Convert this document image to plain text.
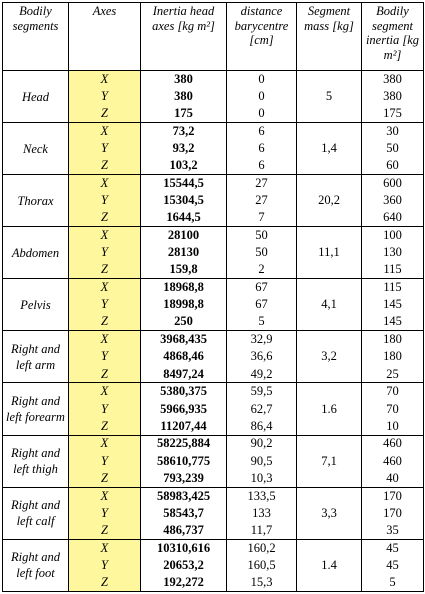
Bodily segments	Axes	Inertia head axes [kg m²]	distance barycentre [cm]	Segment mass [kg]	Bodily segment inertia [kg m²]
Head	X	380	0	5	380
	Y	380	0		380
	Z	175	0		175
Neck	X	73,2	6	1,4	30
	Y	93,2	6		50
	Z	103,2	6		60
Thorax	X	15544,5	27	20,2	600
	Y	15304,5	27		360
	Z	1644,5	7		640
Abdomen	X	28100	50	11,1	100
	Y	28130	50		130
	Z	159,8	2		115
Pelvis	X	18968,8	67	4,1	115
	Y	18998,8	67		145
	Z	250	5		145
Right and left arm	X	3968,435	32,9	3,2	180
	Y	4868,46	36,6		180
	Z	8497,24	49,2		25
Right and left forearm	X	5380,375	59,5	1.6	70
	Y	5966,935	62,7		70
	Z	11207,44	86,4		10
Right and left thigh	X	58225,884	90,2	7,1	460
	Y	58610,775	90,5		460
	Z	793,239	10,3		40
Right and left calf	X	58983,425	133,5	3,3	170
	Y	58543,7	133		170
	Z	486,737	11,7		35
Right and left foot	X	10310,616	160,2	1.4	45
	Y	20653,2	160,5		45
	Z	192,272	15,3		5
